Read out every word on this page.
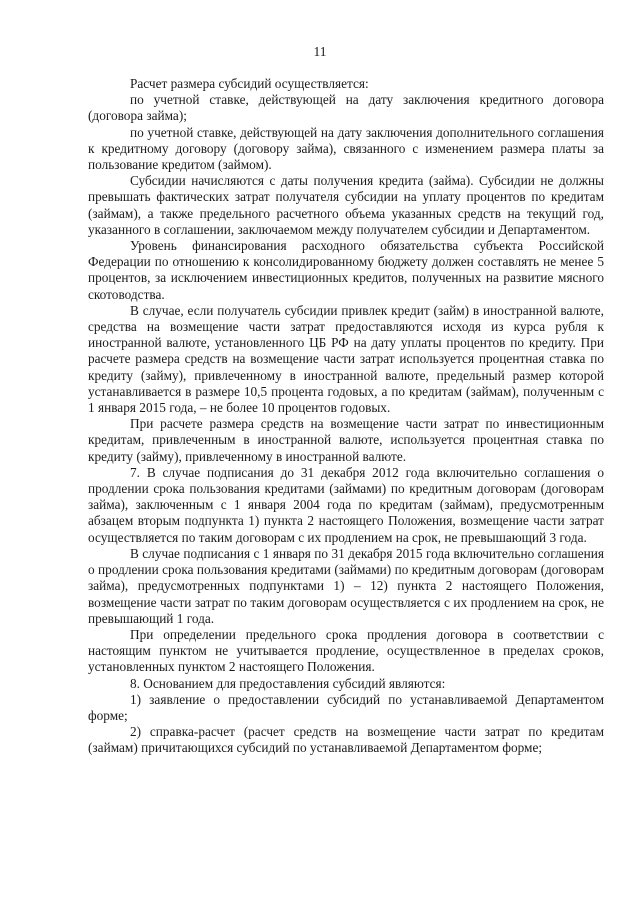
11

Расчет размера субсидий осуществляется:

по учетной ставке, действующей на дату заключения кредитного договора (договора займа);

по учетной ставке, действующей на дату заключения дополнительного соглашения к кредитному договору (договору займа), связанного с изменением размера платы за пользование кредитом (займом).

Субсидии начисляются с даты получения кредита (займа). Субсидии не должны превышать фактических затрат получателя субсидии на уплату процентов по кредитам (займам), а также предельного расчетного объема указанных средств на текущий год, указанного в соглашении, заключаемом между получателем субсидии и Департаментом.

Уровень финансирования расходного обязательства субъекта Российской Федерации по отношению к консолидированному бюджету должен составлять не менее 5 процентов, за исключением инвестиционных кредитов, полученных на развитие мясного скотоводства.

В случае, если получатель субсидии привлек кредит (займ) в иностранной валюте, средства на возмещение части затрат предоставляются исходя из курса рубля к иностранной валюте, установленного ЦБ РФ на дату уплаты процентов по кредиту. При расчете размера средств на возмещение части затрат используется процентная ставка по кредиту (займу), привлеченному в иностранной валюте, предельный размер которой устанавливается в размере 10,5 процента годовых, а по кредитам (займам), полученным с 1 января 2015 года, – не более 10 процентов годовых.

При расчете размера средств на возмещение части затрат по инвестиционным кредитам, привлеченным в иностранной валюте, используется процентная ставка по кредиту (займу), привлеченному в иностранной валюте.

7. В случае подписания до 31 декабря 2012 года включительно соглашения о продлении срока пользования кредитами (займами) по кредитным договорам (договорам займа), заключенным с 1 января 2004 года по кредитам (займам), предусмотренным абзацем вторым подпункта 1) пункта 2 настоящего Положения, возмещение части затрат осуществляется по таким договорам с их продлением на срок, не превышающий 3 года.

В случае подписания с 1 января по 31 декабря 2015 года включительно соглашения о продлении срока пользования кредитами (займами) по кредитным договорам (договорам займа), предусмотренных подпунктами 1) – 12) пункта 2 настоящего Положения, возмещение части затрат по таким договорам осуществляется с их продлением на срок, не превышающий 1 года.

При определении предельного срока продления договора в соответствии с настоящим пунктом не учитывается продление, осуществленное в пределах сроков, установленных пунктом 2 настоящего Положения.

8. Основанием для предоставления субсидий являются:

1) заявление о предоставлении субсидий по устанавливаемой Департаментом форме;

2) справка-расчет (расчет средств на возмещение части затрат по кредитам (займам) причитающихся субсидий по устанавливаемой Департаментом форме;
